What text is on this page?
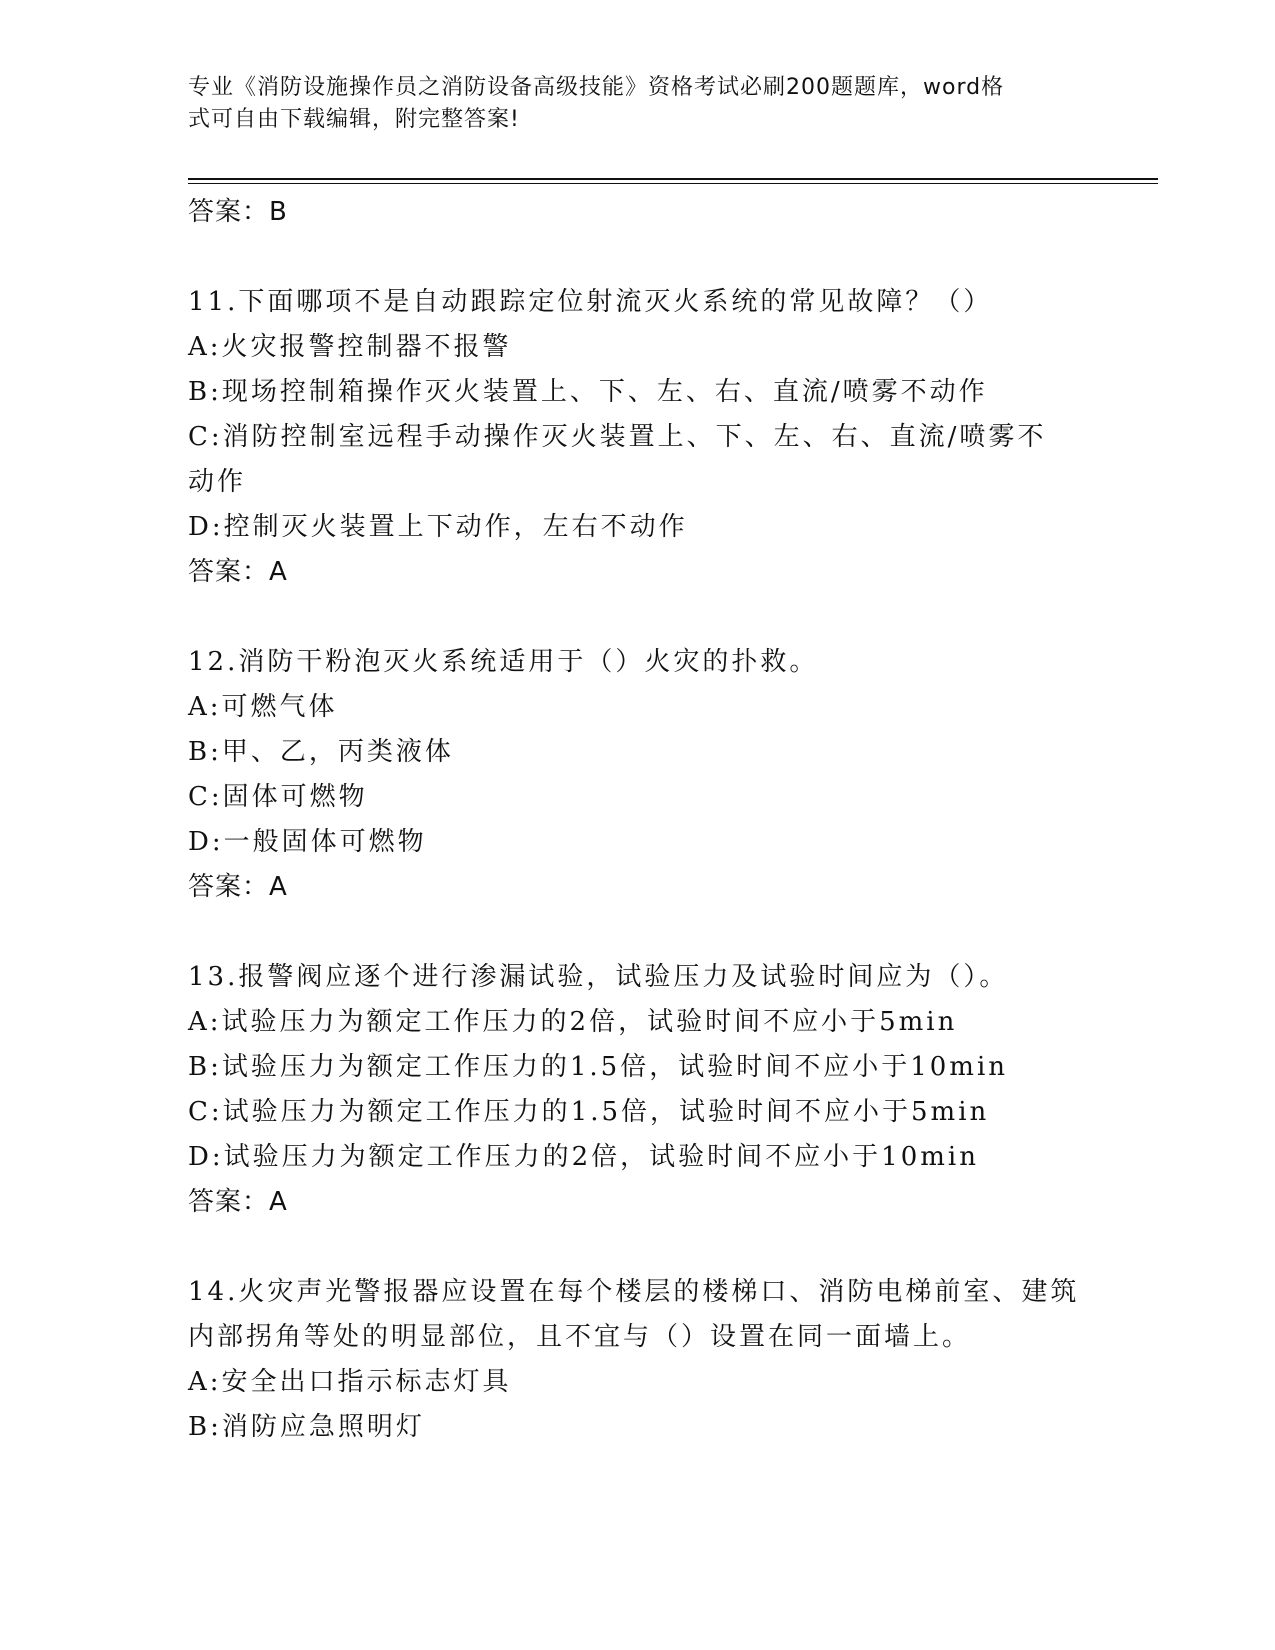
专业《消防设施操作员之消防设备高级技能》资格考试必刷200题题库，word格
式可自由下载编辑，附完整答案!
答案：B
11.下面哪项不是自动跟踪定位射流灭火系统的常见故障？（）
A:火灾报警控制器不报警
B:现场控制箱操作灭火装置上、下、左、右、直流/喷雾不动作
C:消防控制室远程手动操作灭火装置上、下、左、右、直流/喷雾不
动作
D:控制灭火装置上下动作，左右不动作
答案：A
12.消防干粉泡灭火系统适用于（）火灾的扑救。
A:可燃气体
B:甲、乙，丙类液体
C:固体可燃物
D:一般固体可燃物
答案：A
13.报警阀应逐个进行渗漏试验，试验压力及试验时间应为（）。
A:试验压力为额定工作压力的2倍，试验时间不应小于5min
B:试验压力为额定工作压力的1.5倍，试验时间不应小于10min
C:试验压力为额定工作压力的1.5倍，试验时间不应小于5min
D:试验压力为额定工作压力的2倍，试验时间不应小于10min
答案：A
14.火灾声光警报器应设置在每个楼层的楼梯口、消防电梯前室、建筑
内部拐角等处的明显部位，且不宜与（）设置在同一面墙上。
A:安全出口指示标志灯具
B:消防应急照明灯
